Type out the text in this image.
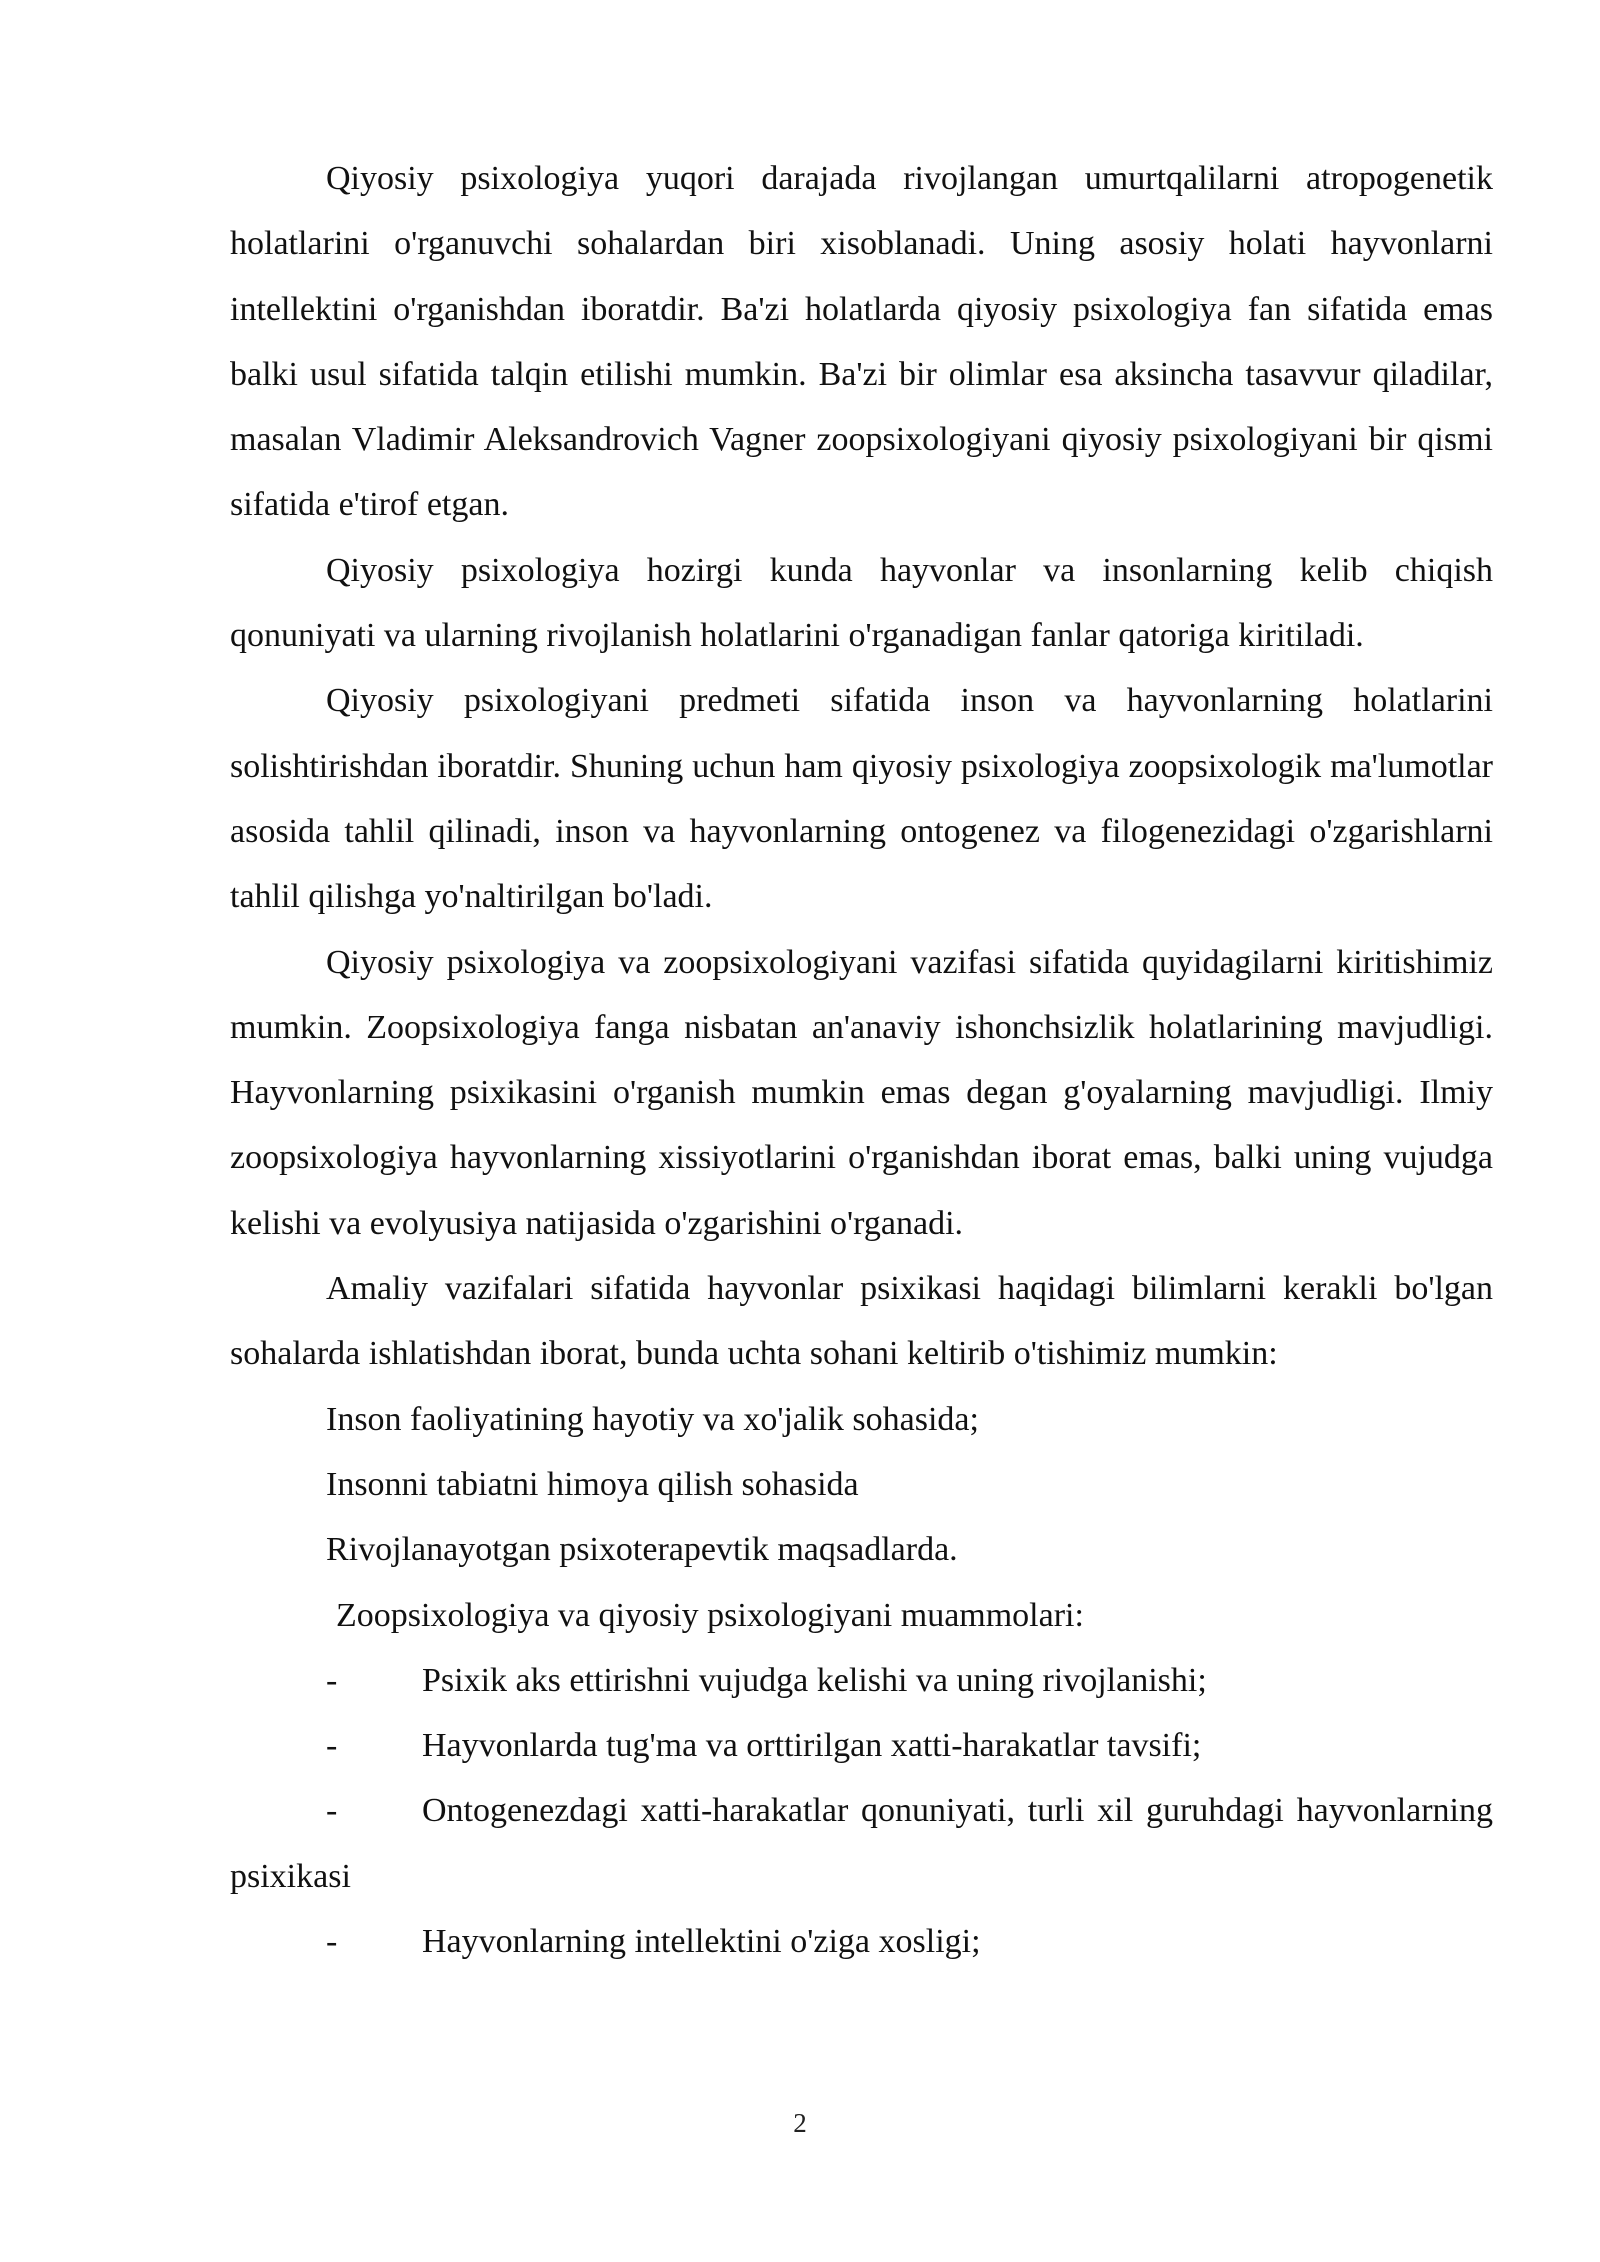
Qiyosiy psixologiya yuqori darajada rivojlangan umurtqalilarni atropogenetik holatlarini o'rganuvchi sohalardan biri xisoblanadi. Uning asosiy holati hayvonlarni intellektini o'rganishdan iboratdir. Ba'zi holatlarda qiyosiy psixologiya fan sifatida emas balki usul sifatida talqin etilishi mumkin. Ba'zi bir olimlar esa aksincha tasavvur qiladilar, masalan Vladimir Aleksandrovich Vagner zoopsixologiyani qiyosiy psixologiyani bir qismi sifatida e'tirof etgan.

Qiyosiy psixologiya hozirgi kunda hayvonlar va insonlarning kelib chiqish qonuniyati va ularning rivojlanish holatlarini o'rganadigan fanlar qatoriga kiritiladi.

Qiyosiy psixologiyani predmeti sifatida inson va hayvonlarning holatlarini solishtirishdan iboratdir. Shuning uchun ham qiyosiy psixologiya zoopsixologik ma'lumotlar asosida tahlil qilinadi, inson va hayvonlarning ontogenez va filogenezidagi o'zgarishlarni tahlil qilishga yo'naltirilgan bo'ladi.

Qiyosiy psixologiya va zoopsixologiyani vazifasi sifatida quyidagilarni kiritishimiz mumkin. Zoopsixologiya fanga nisbatan an'anaviy ishonchsizlik holatlarining mavjudligi. Hayvonlarning psixikasini o'rganish mumkin emas degan g'oyalarning mavjudligi. Ilmiy zoopsixologiya hayvonlarning xissiyotlarini o'rganishdan iborat emas, balki uning vujudga kelishi va evolyusiya natijasida o'zgarishini o'rganadi.

Amaliy vazifalari sifatida hayvonlar psixikasi haqidagi bilimlarni kerakli bo'lgan sohalarda ishlatishdan iborat, bunda uchta sohani keltirib o'tishimiz mumkin:

Inson faoliyatining hayotiy va xo'jalik sohasida;

Insonni tabiatni himoya qilish sohasida

Rivojlanayotgan psixoterapevtik maqsadlarda.

Zoopsixologiya va qiyosiy psixologiyani muammolari:

- Psixik aks ettirishni vujudga kelishi va uning rivojlanishi;

- Hayvonlarda tug'ma va orttirilgan xatti-harakatlar tavsifi;

- Ontogenezdagi xatti-harakatlar qonuniyati, turli xil guruhdagi hayvonlarning psixikasi

- Hayvonlarning intellektini o'ziga xosligi;

2
